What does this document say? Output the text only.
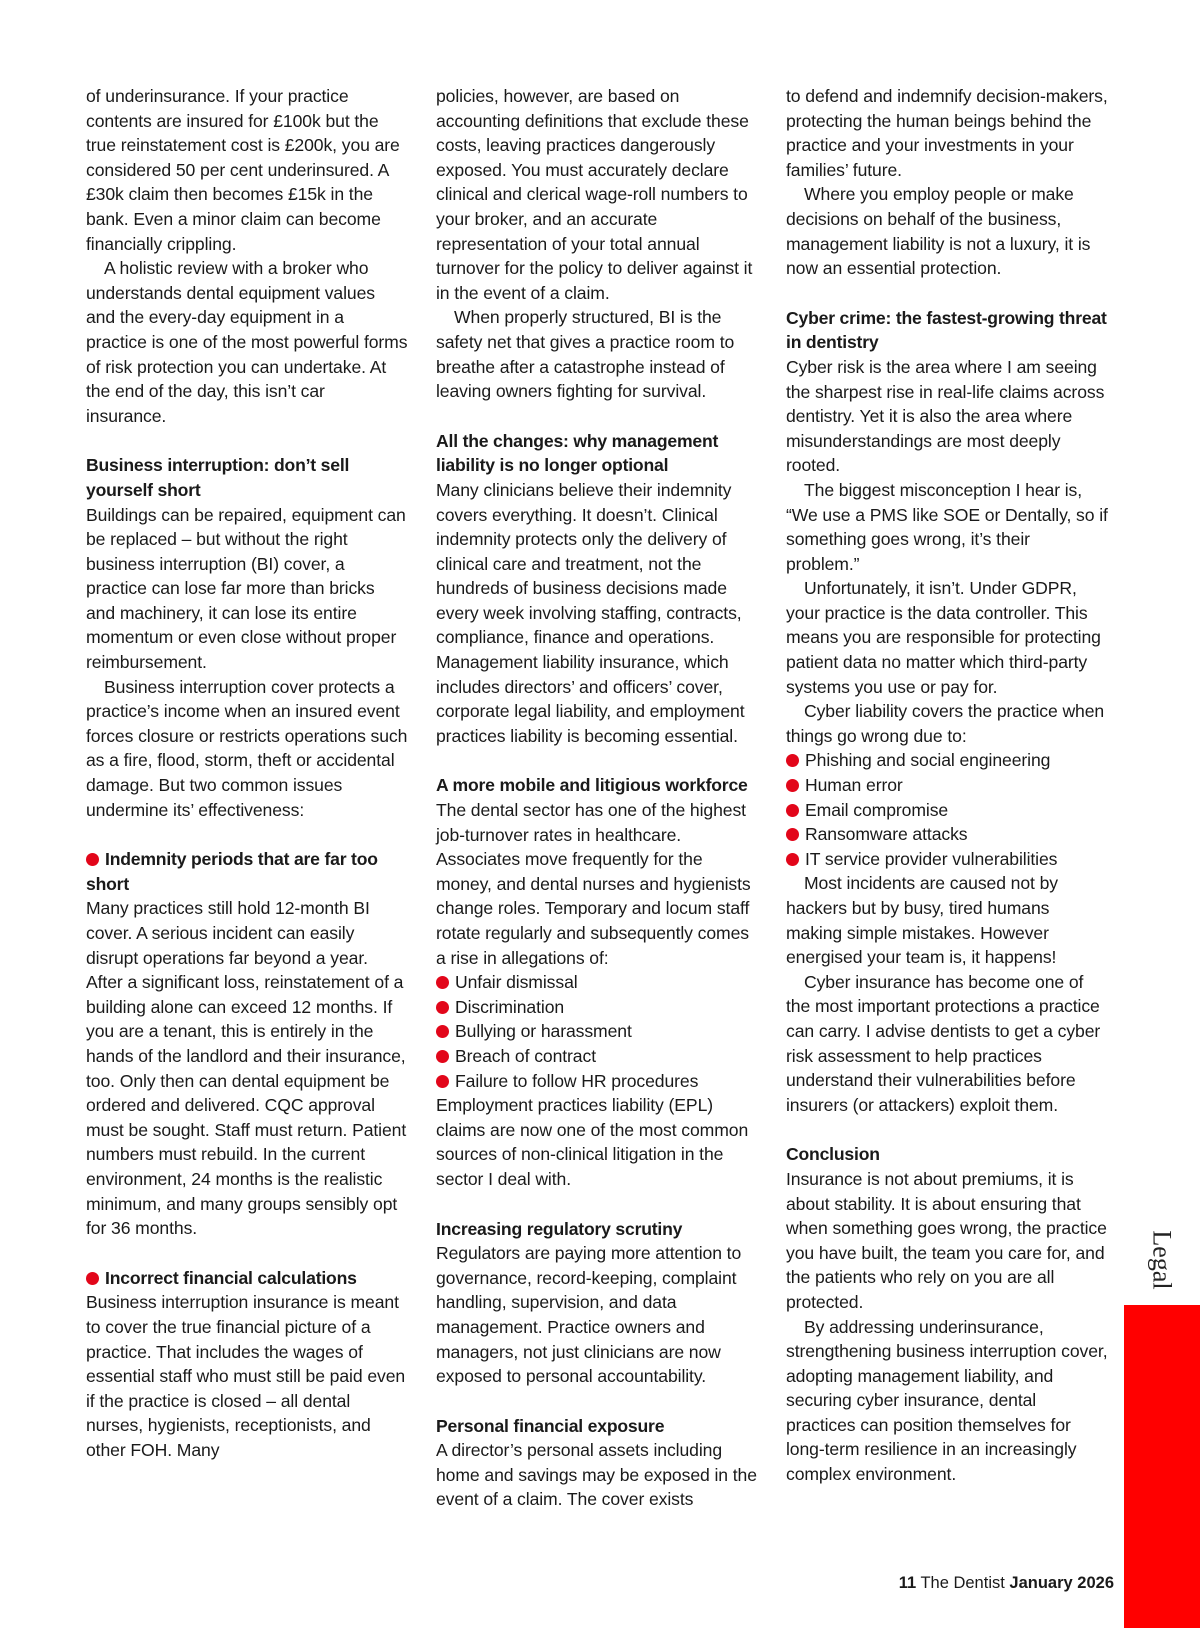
of underinsurance. If your practice contents are insured for £100k but the true reinstatement cost is £200k, you are considered 50 per cent underinsured. A £30k claim then becomes £15k in the bank. Even a minor claim can become financially crippling.

A holistic review with a broker who understands dental equipment values and the every-day equipment in a practice is one of the most powerful forms of risk protection you can undertake. At the end of the day, this isn’t car insurance.

Business interruption: don’t sell yourself short

Buildings can be repaired, equipment can be replaced – but without the right business interruption (BI) cover, a practice can lose far more than bricks and machinery, it can lose its entire momentum or even close without proper reimbursement.

Business interruption cover protects a practice’s income when an insured event forces closure or restricts operations such as a fire, flood, storm, theft or accidental damage. But two common issues undermine its’ effectiveness:

Indemnity periods that are far too short

Many practices still hold 12-month BI cover. A serious incident can easily disrupt operations far beyond a year. After a significant loss, reinstatement of a building alone can exceed 12 months. If you are a tenant, this is entirely in the hands of the landlord and their insurance, too. Only then can dental equipment be ordered and delivered. CQC approval must be sought. Staff must return. Patient numbers must rebuild. In the current environment, 24 months is the realistic minimum, and many groups sensibly opt for 36 months.

Incorrect financial calculations

Business interruption insurance is meant to cover the true financial picture of a practice. That includes the wages of essential staff who must still be paid even if the practice is closed – all dental nurses, hygienists, receptionists, and other FOH. Many

policies, however, are based on accounting definitions that exclude these costs, leaving practices dangerously exposed. You must accurately declare clinical and clerical wage-roll numbers to your broker, and an accurate representation of your total annual turnover for the policy to deliver against it in the event of a claim.

When properly structured, BI is the safety net that gives a practice room to breathe after a catastrophe instead of leaving owners fighting for survival.

All the changes: why management liability is no longer optional

Many clinicians believe their indemnity covers everything. It doesn’t. Clinical indemnity protects only the delivery of clinical care and treatment, not the hundreds of business decisions made every week involving staffing, contracts, compliance, finance and operations. Management liability insurance, which includes directors’ and officers’ cover, corporate legal liability, and employment practices liability is becoming essential.

A more mobile and litigious workforce

The dental sector has one of the highest job-turnover rates in healthcare. Associates move frequently for the money, and dental nurses and hygienists change roles. Temporary and locum staff rotate regularly and subsequently comes a rise in allegations of:

Unfair dismissal
Discrimination
Bullying or harassment
Breach of contract
Failure to follow HR procedures

Employment practices liability (EPL) claims are now one of the most common sources of non-clinical litigation in the sector I deal with.

Increasing regulatory scrutiny

Regulators are paying more attention to governance, record-keeping, complaint handling, supervision, and data management. Practice owners and managers, not just clinicians are now exposed to personal accountability.

Personal financial exposure

A director’s personal assets including home and savings may be exposed in the event of a claim. The cover exists

to defend and indemnify decision-makers, protecting the human beings behind the practice and your investments in your families’ future.

Where you employ people or make decisions on behalf of the business, management liability is not a luxury, it is now an essential protection.

Cyber crime: the fastest-growing threat in dentistry

Cyber risk is the area where I am seeing the sharpest rise in real-life claims across dentistry. Yet it is also the area where misunderstandings are most deeply rooted.

The biggest misconception I hear is, “We use a PMS like SOE or Dentally, so if something goes wrong, it’s their problem.”

Unfortunately, it isn’t. Under GDPR, your practice is the data controller. This means you are responsible for protecting patient data no matter which third-party systems you use or pay for.

Cyber liability covers the practice when things go wrong due to:

Phishing and social engineering
Human error
Email compromise
Ransomware attacks
IT service provider vulnerabilities

Most incidents are caused not by hackers but by busy, tired humans making simple mistakes. However energised your team is, it happens!

Cyber insurance has become one of the most important protections a practice can carry. I advise dentists to get a cyber risk assessment to help practices understand their vulnerabilities before insurers (or attackers) exploit them.

Conclusion

Insurance is not about premiums, it is about stability. It is about ensuring that when something goes wrong, the practice you have built, the team you care for, and the patients who rely on you are all protected.

By addressing underinsurance, strengthening business interruption cover, adopting management liability, and securing cyber insurance, dental practices can position themselves for long-term resilience in an increasingly complex environment.

Legal
11 The Dentist January 2026
